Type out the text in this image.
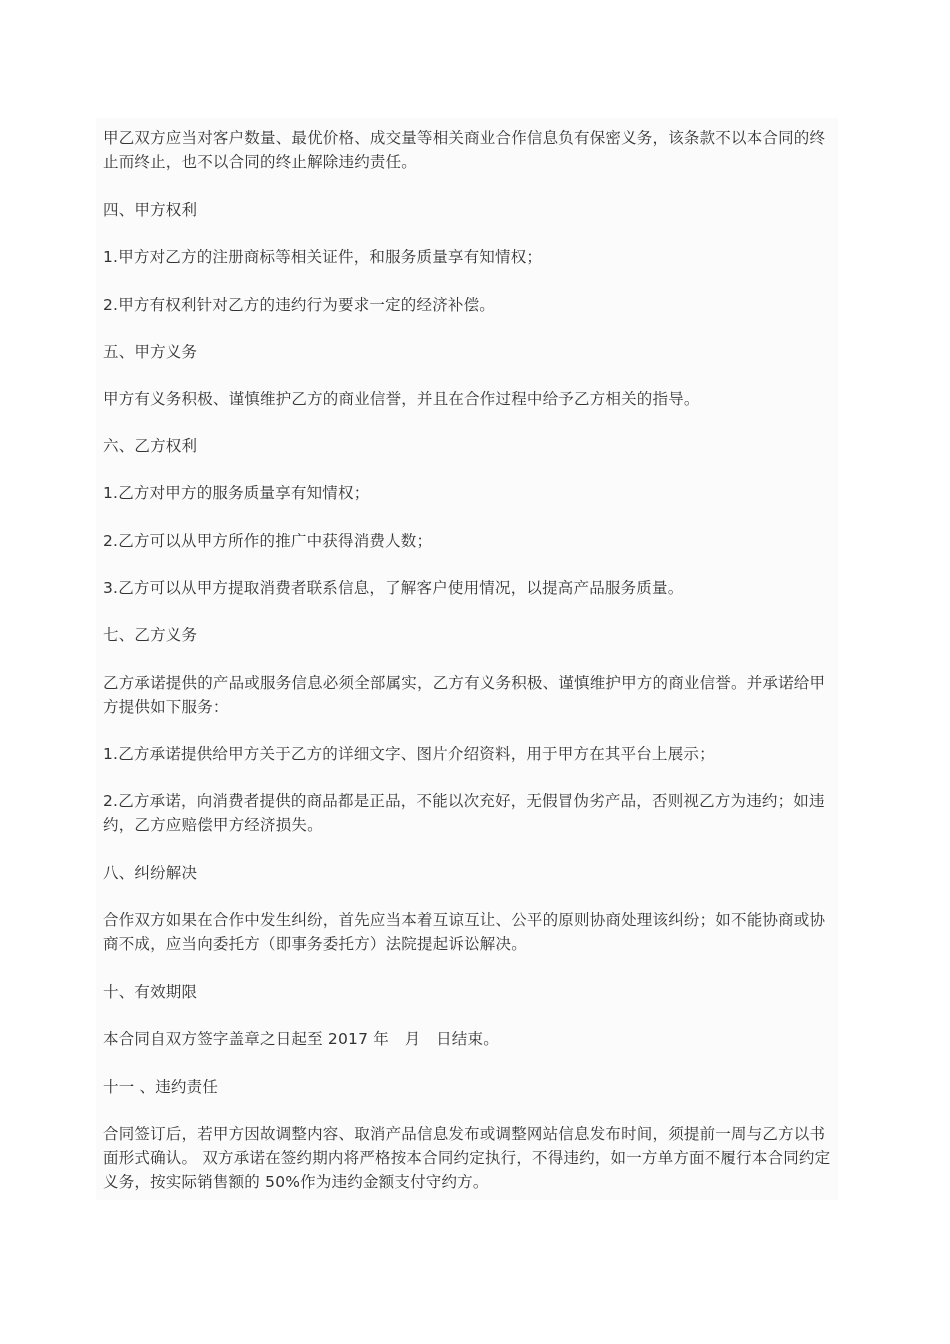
甲乙双方应当对客户数量、最优价格、成交量等相关商业合作信息负有保密义务，该条款不以本合同的终止而终止，也不以合同的终止解除违约责任。

四、甲方权利

1.甲方对乙方的注册商标等相关证件，和服务质量享有知情权；

2.甲方有权利针对乙方的违约行为要求一定的经济补偿。

五、甲方义务

甲方有义务积极、谨慎维护乙方的商业信誉，并且在合作过程中给予乙方相关的指导。

六、乙方权利

1.乙方对甲方的服务质量享有知情权；

2.乙方可以从甲方所作的推广中获得消费人数；

3.乙方可以从甲方提取消费者联系信息，了解客户使用情况，以提高产品服务质量。

七、乙方义务

乙方承诺提供的产品或服务信息必须全部属实，乙方有义务积极、谨慎维护甲方的商业信誉。并承诺给甲方提供如下服务：

1.乙方承诺提供给甲方关于乙方的详细文字、图片介绍资料，用于甲方在其平台上展示；

2.乙方承诺，向消费者提供的商品都是正品，不能以次充好，无假冒伪劣产品，否则视乙方为违约；如违约，乙方应赔偿甲方经济损失。

八、纠纷解决

合作双方如果在合作中发生纠纷，首先应当本着互谅互让、公平的原则协商处理该纠纷；如不能协商或协商不成，应当向委托方（即事务委托方）法院提起诉讼解决。

十、有效期限

本合同自双方签字盖章之日起至 2017 年　月　日结束。

十一 、违约责任

合同签订后，若甲方因故调整内容、取消产品信息发布或调整网站信息发布时间，须提前一周与乙方以书面形式确认。 双方承诺在签约期内将严格按本合同约定执行，不得违约，如一方单方面不履行本合同约定义务，按实际销售额的 50%作为违约金额支付守约方。
